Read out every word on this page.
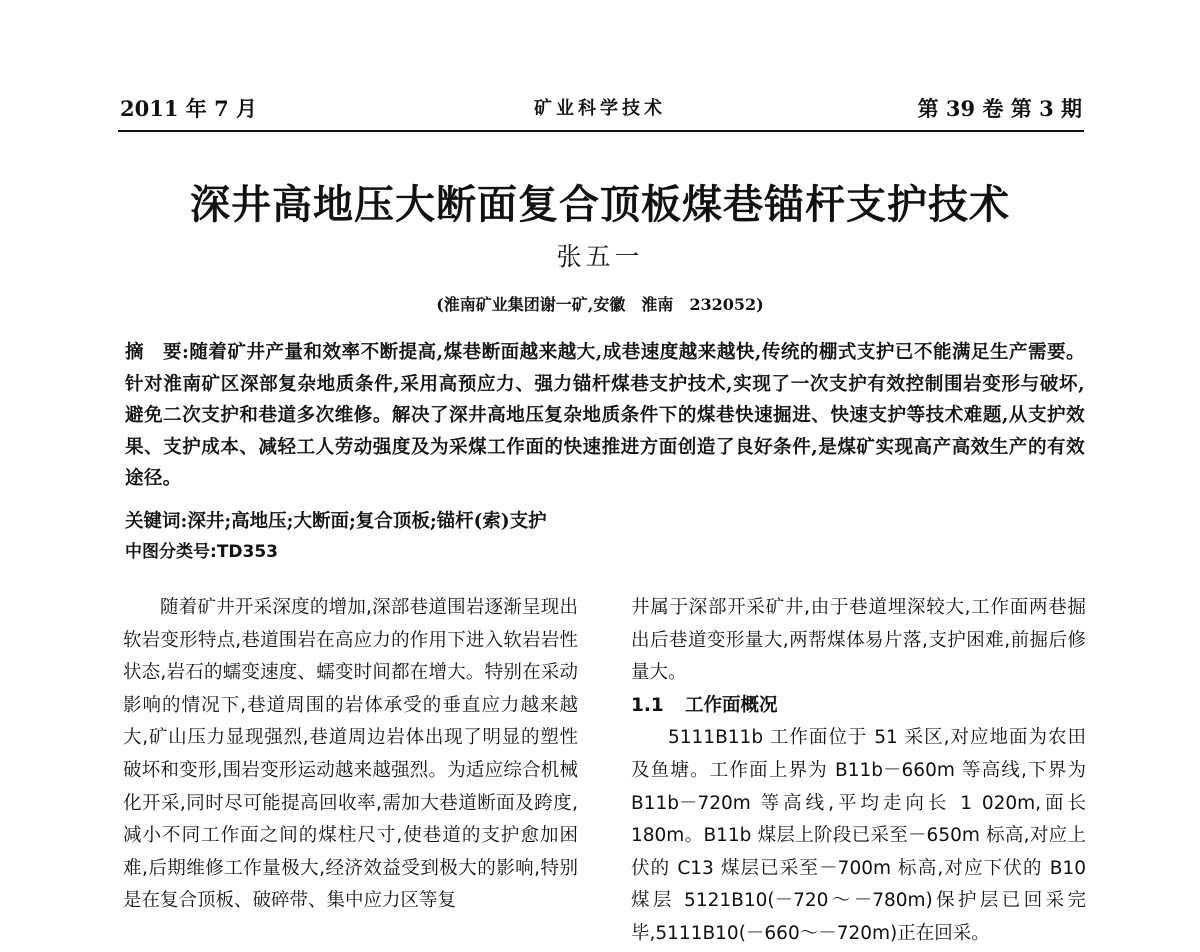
2011 年 7 月	矿业科学技术	第 39 卷 第 3 期
深井高地压大断面复合顶板煤巷锚杆支护技术
张五一
(淮南矿业集团谢一矿,安徽　淮南　232052)
摘　要:随着矿井产量和效率不断提高,煤巷断面越来越大,成巷速度越来越快,传统的棚式支护已不能满足生产需要。针对淮南矿区深部复杂地质条件,采用高预应力、强力锚杆煤巷支护技术,实现了一次支护有效控制围岩变形与破坏,避免二次支护和巷道多次维修。解决了深井高地压复杂地质条件下的煤巷快速掘进、快速支护等技术难题,从支护效果、支护成本、减轻工人劳动强度及为采煤工作面的快速推进方面创造了良好条件,是煤矿实现高产高效生产的有效途径。
关键词:深井;高地压;大断面;复合顶板;锚杆(索)支护
中图分类号:TD353

随着矿井开采深度的增加,深部巷道围岩逐渐呈现出软岩变形特点,巷道围岩在高应力的作用下进入软岩岩性状态,岩石的蠕变速度、蠕变时间都在增大。特别在采动影响的情况下,巷道周围的岩体承受的垂直应力越来越大,矿山压力显现强烈,巷道周边岩体出现了明显的塑性破坏和变形,围岩变形运动越来越强烈。为适应综合机械化开采,同时尽可能提高回收率,需加大巷道断面及跨度,减小不同工作面之间的煤柱尺寸,使巷道的支护愈加困难,后期维修工作量极大,经济效益受到极大的影响,特别是在复合顶板、破碎带、集中应力区等复

井属于深部开采矿井,由于巷道埋深较大,工作面两巷掘出后巷道变形量大,两帮煤体易片落,支护困难,前掘后修量大。

1.1 工作面概况

5111B11b 工作面位于 51 采区,对应地面为农田及鱼塘。工作面上界为 B11b－660m 等高线,下界为 B11b－720m 等高线,平均走向长 1 020m,面长 180m。B11b 煤层上阶段已采至－650m 标高,对应上伏的 C13 煤层已采至－700m 标高,对应下伏的 B10 煤层 5121B10(－720～－780m)保护层已回采完毕,5111B10(－660～－720m)正在回采。
